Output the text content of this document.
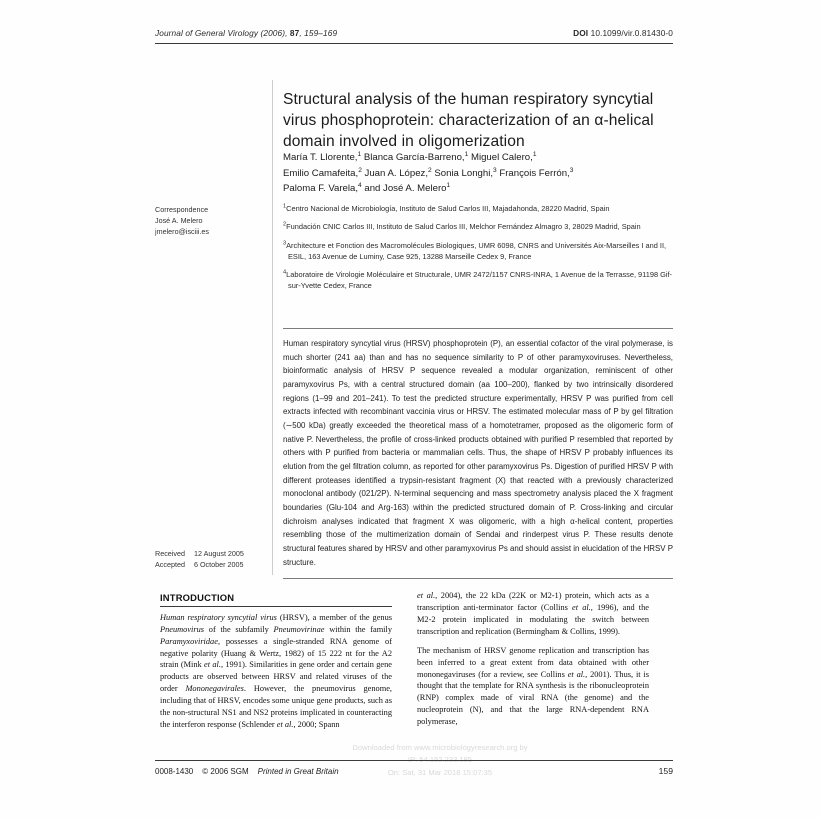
Journal of General Virology (2006), 87, 159–169	DOI 10.1099/vir.0.81430-0
Correspondence
José A. Melero
jmelero@isciii.es
Received 12 August 2005
Accepted 6 October 2005
Structural analysis of the human respiratory syncytial virus phosphoprotein: characterization of an α-helical domain involved in oligomerization
María T. Llorente,$^1$ Blanca García-Barreno,$^1$ Miguel Calero,$^1$
Emilio Camafeita,$^2$ Juan A. López,$^2$ Sonia Longhi,$^3$ François Ferrón,$^3$
Paloma F. Varela,$^4$ and José A. Melero$^1$
$^1$Centro Nacional de Microbiología, Instituto de Salud Carlos III, Majadahonda, 28220 Madrid, Spain
$^2$Fundación CNIC Carlos III, Instituto de Salud Carlos III, Melchor Fernández Almagro 3, 28029 Madrid, Spain
$^3$Architecture et Fonction des Macromolécules Biologiques, UMR 6098, CNRS and Universités Aix-Marseilles I and II, ESIL, 163 Avenue de Luminy, Case 925, 13288 Marseille Cedex 9, France
$^4$Laboratoire de Virologie Moléculaire et Structurale, UMR 2472/1157 CNRS-INRA, 1 Avenue de la Terrasse, 91198 Gif-sur-Yvette Cedex, France
Human respiratory syncytial virus (HRSV) phosphoprotein (P), an essential cofactor of the viral polymerase, is much shorter (241 aa) than and has no sequence similarity to P of other paramyxoviruses. Nevertheless, bioinformatic analysis of HRSV P sequence revealed a modular organization, reminiscent of other paramyxovirus Ps, with a central structured domain (aa 100–200), flanked by two intrinsically disordered regions (1–99 and 201–241). To test the predicted structure experimentally, HRSV P was purified from cell extracts infected with recombinant vaccinia virus or HRSV. The estimated molecular mass of P by gel filtration (∼500 kDa) greatly exceeded the theoretical mass of a homotetramer, proposed as the oligomeric form of native P. Nevertheless, the profile of cross-linked products obtained with purified P resembled that reported by others with P purified from bacteria or mammalian cells. Thus, the shape of HRSV P probably influences its elution from the gel filtration column, as reported for other paramyxovirus Ps. Digestion of purified HRSV P with different proteases identified a trypsin-resistant fragment (X) that reacted with a previously characterized monoclonal antibody (021/2P). N-terminal sequencing and mass spectrometry analysis placed the X fragment boundaries (Glu-104 and Arg-163) within the predicted structured domain of P. Cross-linking and circular dichroism analyses indicated that fragment X was oligomeric, with a high α-helical content, properties resembling those of the multimerization domain of Sendai and rinderpest virus P. These results denote structural features shared by HRSV and other paramyxovirus Ps and should assist in elucidation of the HRSV P structure.
INTRODUCTION

Human respiratory syncytial virus (HRSV), a member of the genus Pneumovirus of the subfamily Pneumovirinae within the family Paramyxoviridae, possesses a single-stranded RNA genome of negative polarity (Huang & Wertz, 1982) of 15 222 nt for the A2 strain (Mink et al., 1991). Similarities in gene order and certain gene products are observed between HRSV and related viruses of the order Mononegavirales. However, the pneumovirus genome, including that of HRSV, encodes some unique gene products, such as the non-structural NS1 and NS2 proteins implicated in counteracting the interferon response (Schlender et al., 2000; Spann

et al., 2004), the 22 kDa (22K or M2-1) protein, which acts as a transcription anti-terminator factor (Collins et al., 1996), and the M2-2 protein implicated in modulating the switch between transcription and replication (Bermingham & Collins, 1999).

The mechanism of HRSV genome replication and transcription has been inferred to a great extent from data obtained with other mononegaviruses (for a review, see Collins et al., 2001). Thus, it is thought that the template for RNA synthesis is the ribonucleoprotein (RNP) complex made of viral RNA (the genome) and the nucleoprotein (N), and that the large RNA-dependent RNA polymerase,

Downloaded from www.microbiologyresearch.org by
On: Sat, 31 Mar 2018 15:07:35
0008-1430 © 2006 SGM Printed in Great Britain	159
